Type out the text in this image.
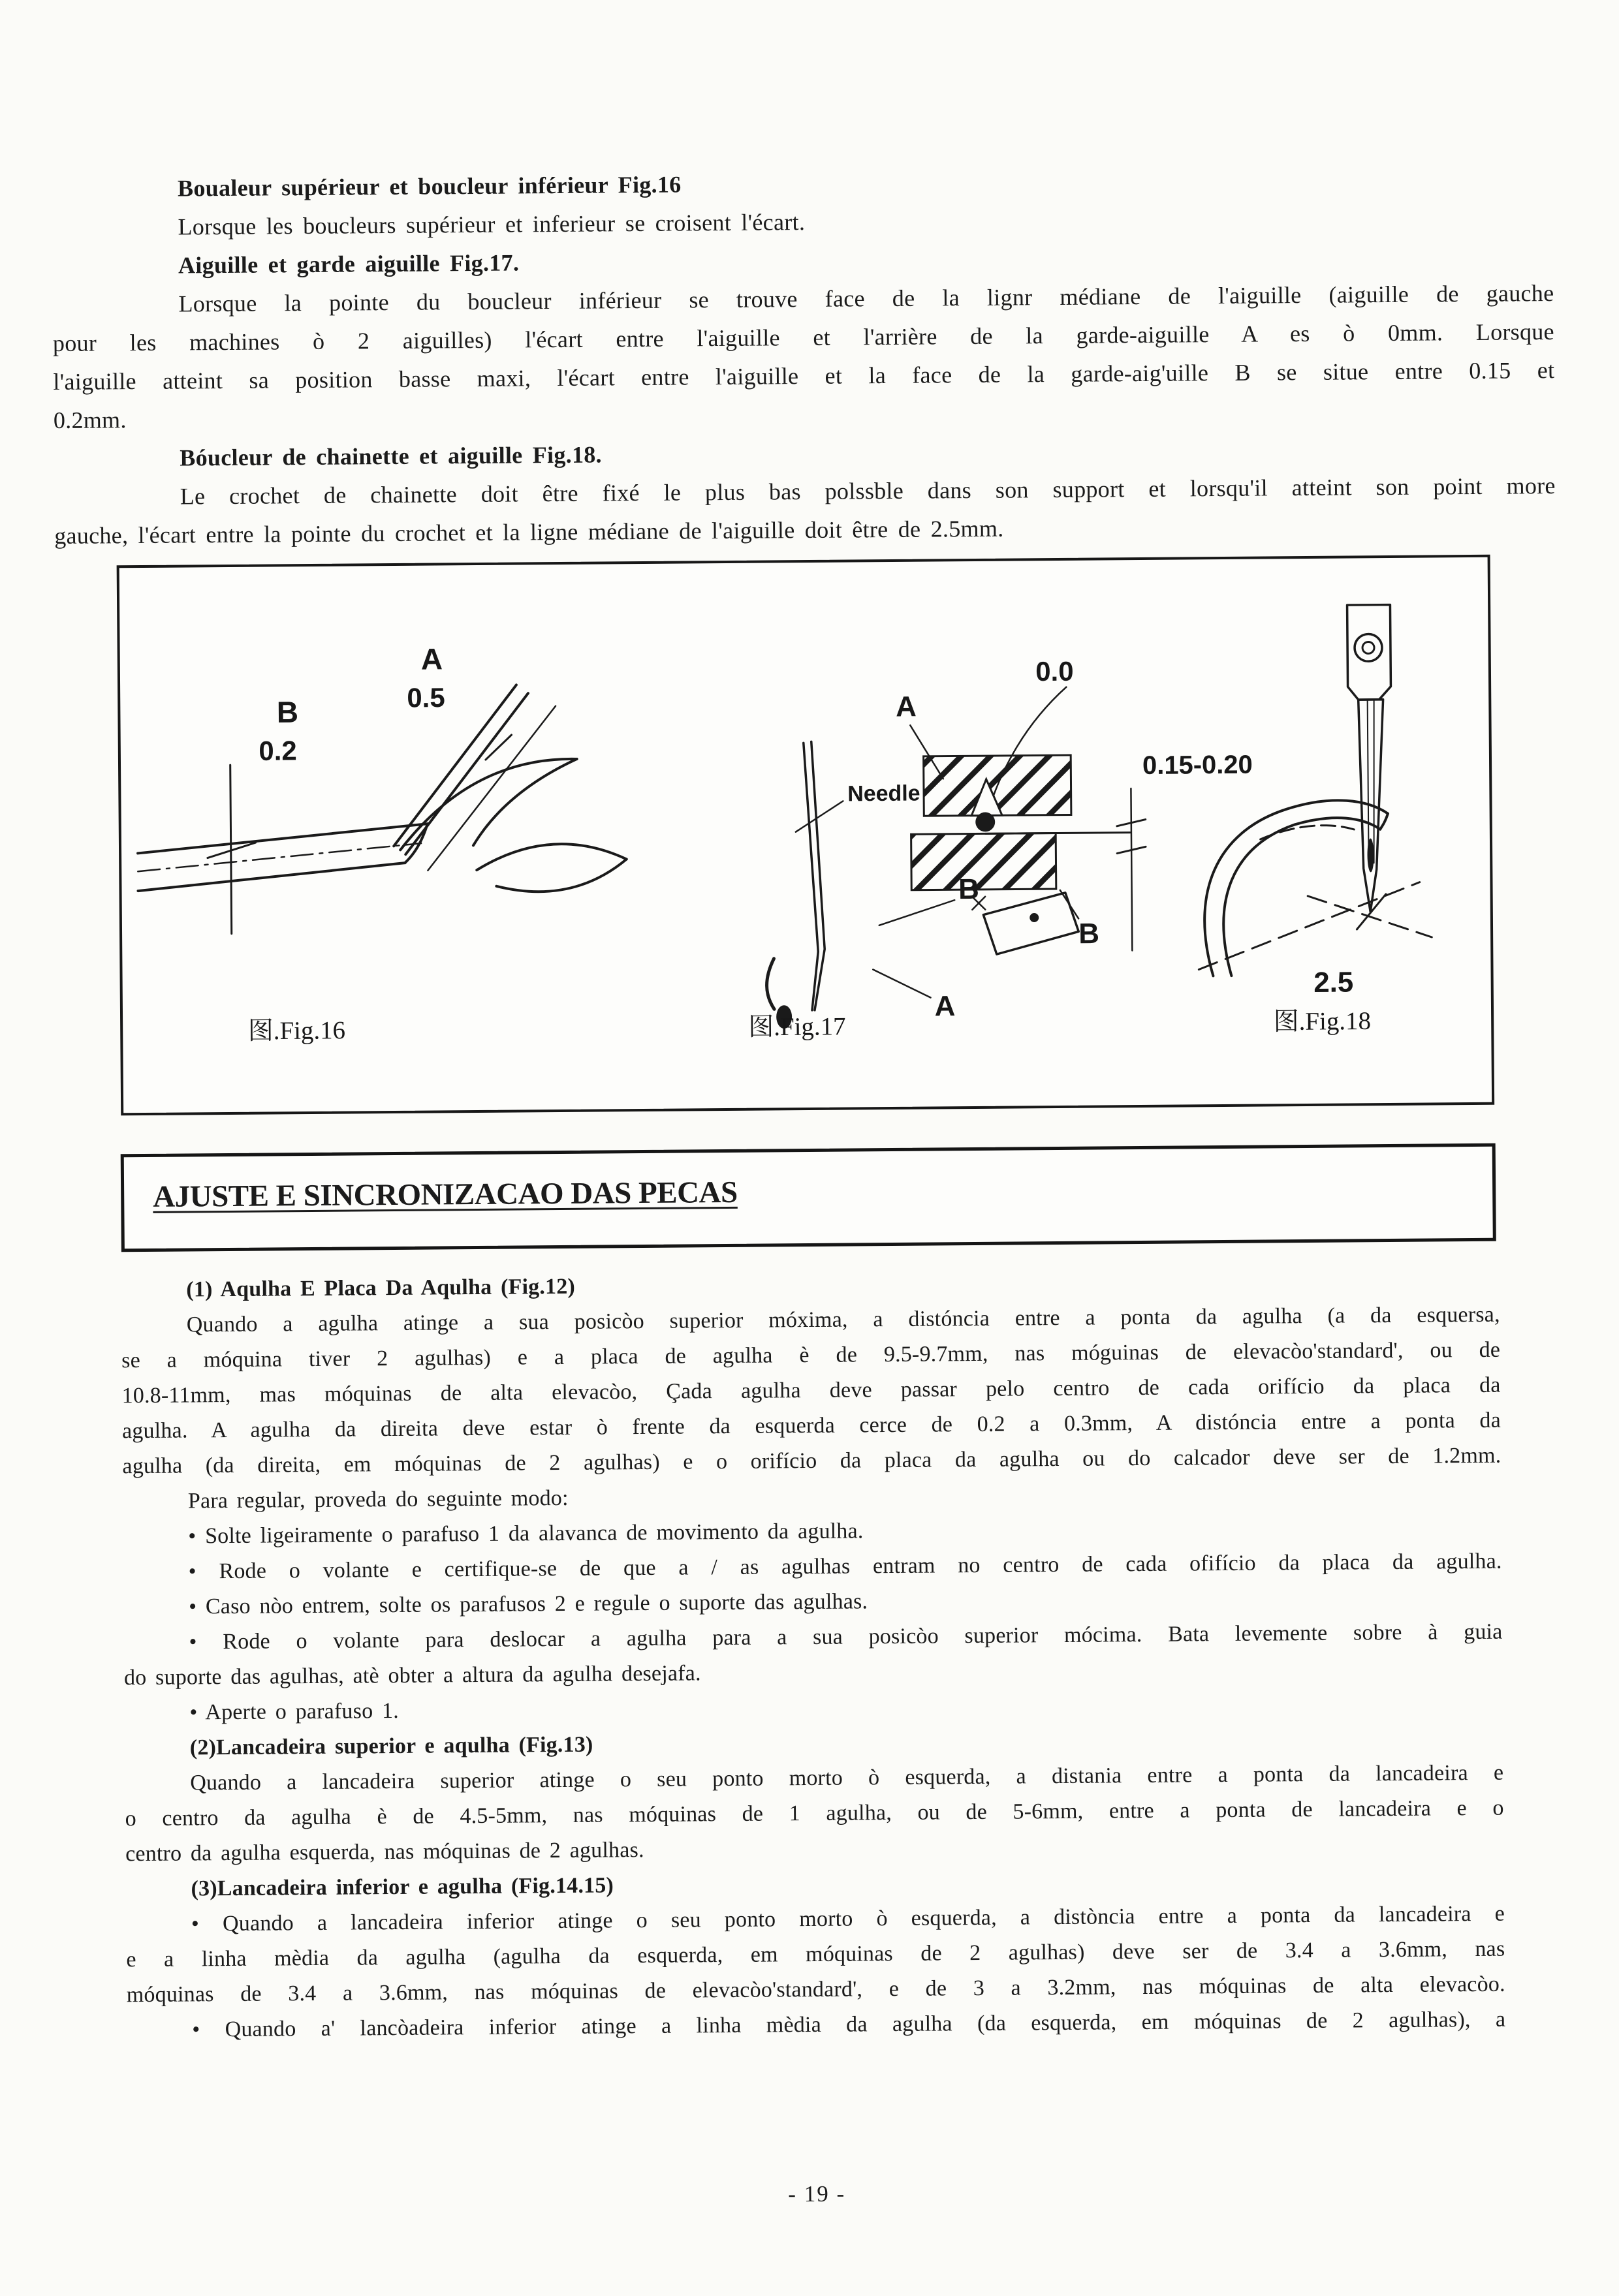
Boualeur supérieur et boucleur inférieur Fig.16
Lorsque les boucleurs supérieur et inferieur se croisent l'écart.
Aiguille et garde aiguille Fig.17.
Lorsque la pointe du boucleur inférieur se trouve face de la lignr médiane de l'aiguille (aiguille de gauche
pour les machines ò 2 aiguilles) l'écart entre l'aiguille et l'arrière de la garde-aiguille A es ò 0mm. Lorsque
l'aiguille atteint sa position basse maxi, l'écart entre l'aiguille et la face de la garde-aig'uille B se situe entre 0.15 et
0.2mm.
Bóucleur de chainette et aiguille Fig.18.
Le crochet de chainette doit être fixé le plus bas polssble dans son support et lorsqu'il atteint son point more
gauche, l'écart entre la pointe du crochet et la ligne médiane de l'aiguille doit être de 2.5mm.
A
0.5
B
0.2
图.Fig.16
Needle
A
0.0
A
0.15-0.20
B
图.Fig.17
2.5
图.Fig.18
AJUSTE E SINCRONIZACAO DAS PECAS
(1) Aqulha E Placa Da Aqulha (Fig.12)
Quando a agulha atinge a sua posicòo superior móxima, a distóncia entre a ponta da agulha (a da esquersa,
se a móquina tiver 2 agulhas) e a placa de agulha è de 9.5-9.7mm, nas móguinas de elevacòo'standard', ou de
10.8-11mm, mas móquinas de alta elevacòo, Çada agulha deve passar pelo centro de cada orifício da placa da
agulha. A agulha da direita deve estar ò frente da esquerda cerce de 0.2 a 0.3mm, A distóncia entre a ponta da
agulha (da direita, em móquinas de 2 agulhas) e o orifício da placa da agulha ou do calcador deve ser de 1.2mm.
Para regular, proveda do seguinte modo:
• Solte ligeiramente o parafuso 1 da alavanca de movimento da agulha.
• Rode o volante e certifique-se de que a / as agulhas entram no centro de cada ofifício da placa da agulha.
• Caso nòo entrem, solte os parafusos 2 e regule o suporte das agulhas.
• Rode o volante para deslocar a agulha para a sua posicòo superior mócima. Bata levemente sobre à guia
do suporte das agulhas, atè obter a altura da agulha desejafa.
• Aperte o parafuso 1.
(2)Lancadeira superior e aqulha (Fig.13)
Quando a lancadeira superior atinge o seu ponto morto ò esquerda, a distania entre a ponta da lancadeira e
o centro da agulha è de 4.5-5mm, nas móquinas de 1 agulha, ou de 5-6mm, entre a ponta de lancadeira e o
centro da agulha esquerda, nas móquinas de 2 agulhas.
(3)Lancadeira inferior e agulha (Fig.14.15)
• Quando a lancadeira inferior atinge o seu ponto morto ò esquerda, a distòncia entre a ponta da lancadeira e
e a linha mèdia da agulha (agulha da esquerda, em móquinas de 2 agulhas) deve ser de 3.4 a 3.6mm, nas
móquinas de 3.4 a 3.6mm, nas móquinas de elevacòo'standard', e de 3 a 3.2mm, nas móquinas de alta elevacòo.
• Quando a' lancòadeira inferior atinge a linha mèdia da agulha (da esquerda, em móquinas de 2 agulhas), a
- 19 -
